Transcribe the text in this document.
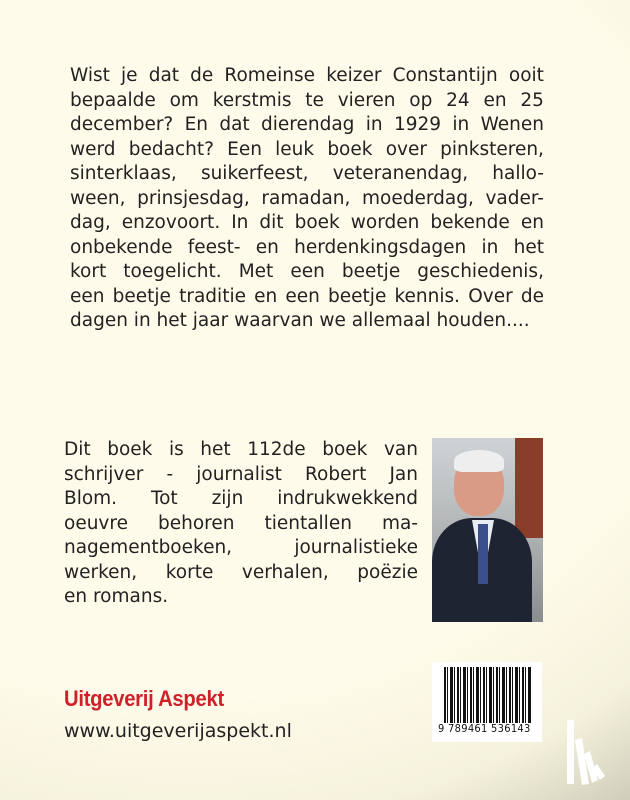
Wist je dat de Romeinse keizer Constantijn ooit
bepaalde om kerstmis te vieren op 24 en 25
december? En dat dierendag in 1929 in Wenen
werd bedacht? Een leuk boek over pinksteren,
sinterklaas, suikerfeest, veteranendag, hallo-
ween, prinsjesdag, ramadan, moederdag, vader-
dag, enzovoort. In dit boek worden bekende en
onbekende feest- en herdenkingsdagen in het
kort toegelicht. Met een beetje geschiedenis,
een beetje traditie en een beetje kennis. Over de
dagen in het jaar waarvan we allemaal houden....
Dit boek is het 112de boek van
schrijver - journalist Robert Jan
Blom. Tot zijn indrukwekkend
oeuvre behoren tientallen ma-
nagementboeken,	journalistieke
werken, korte verhalen, poëzie
en romans.
Uitgeverij Aspekt
www.uitgeverijaspekt.nl	9 789461 536143
